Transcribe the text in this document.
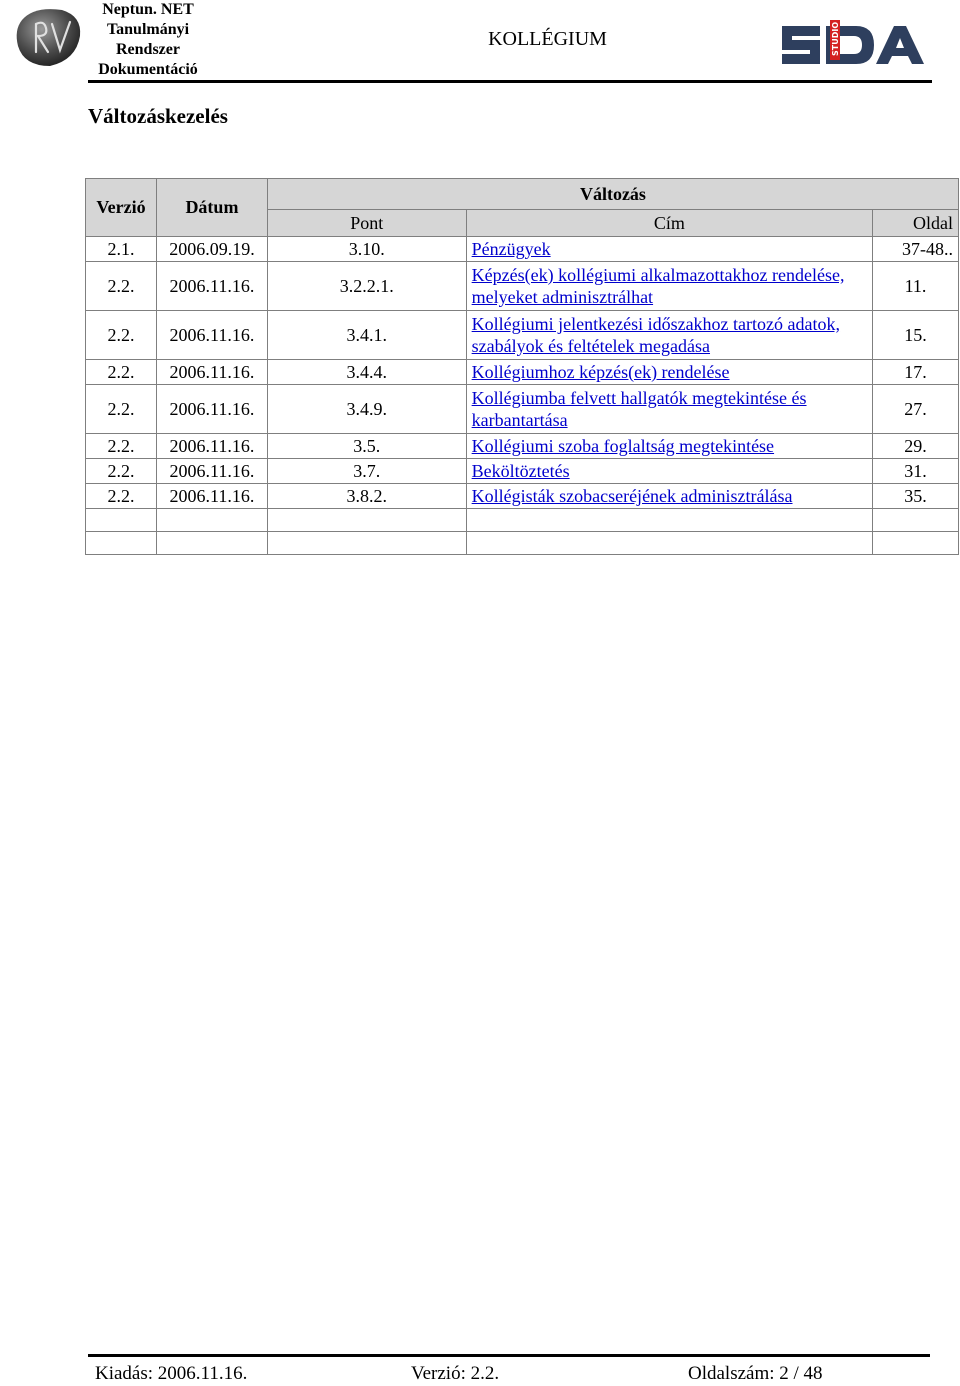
Neptun. NET
Tanulmányi
Rendszer
Dokumentáció
KOLLÉGIUM	STUDIO
Változáskezelés
Verzió	Dátum	Változás		
		Pont	Cím	Oldal
2.1.	2006.09.19.	3.10.	Pénzügyek	37-48..
2.2.	2006.11.16.	3.2.2.1.	Képzés(ek) kollégiumi alkalmazottakhoz rendelése, melyeket adminisztrálhat	11.
2.2.	2006.11.16.	3.4.1.	Kollégiumi jelentkezési időszakhoz tartozó adatok, szabályok és feltételek megadása	15.
2.2.	2006.11.16.	3.4.4.	Kollégiumhoz képzés(ek) rendelése	17.
2.2.	2006.11.16.	3.4.9.	Kollégiumba felvett hallgatók megtekintése és karbantartása	27.
2.2.	2006.11.16.	3.5.	Kollégiumi szoba foglaltság megtekintése	29.
2.2.	2006.11.16.	3.7.	Beköltöztetés	31.
2.2.	2006.11.16.	3.8.2.	Kollégisták szobacseréjének adminisztrálása	35.

Kiadás: 2006.11.16.	Verzió: 2.2.	Oldalszám: 2 / 48
